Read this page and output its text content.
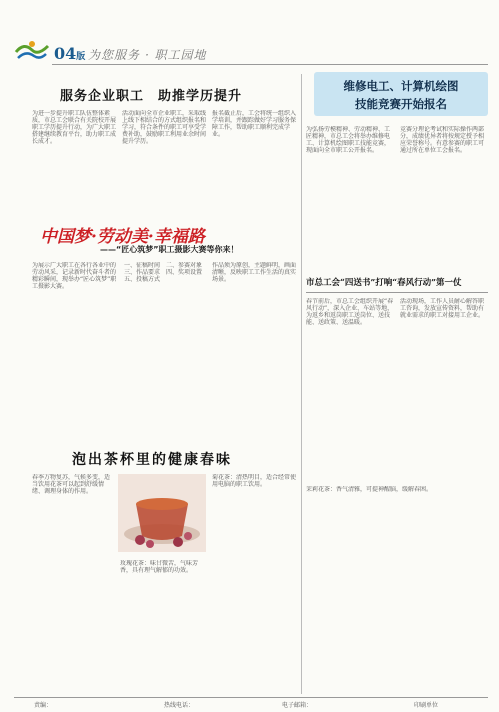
04版 为您服务 · 职工园地
服务企业职工　助推学历提升
为进一步提升职工队伍整体素质，市总工会联合有关院校开展职工学历提升行动，为广大职工搭建继续教育平台，助力职工成长成才。
活动面向全市企业职工，采取线上线下相结合的方式组织报名和学习，符合条件的职工可享受学费补助，鼓励职工利用业余时间提升学历。
报名截止后，工会将统一组织入学培训，并跟踪做好学习服务保障工作，帮助职工顺利完成学业。
维修电工、计算机绘图
技能竞赛开始报名
为弘扬劳模精神、劳动精神、工匠精神，市总工会将举办维修电工、计算机绘图职工技能竞赛，现面向全市职工公开报名。
竞赛分理论考试和实际操作两部分，成绩优异者将按规定授予相应荣誉称号。有意参赛的职工可通过所在单位工会报名。
中国梦·劳动美·幸福路
——“匠心筑梦”职工摄影大赛等你来！
为展示广大职工在各行各业中的劳动风采，记录新时代奋斗者的精彩瞬间，现举办“匠心筑梦”职工摄影大赛。
一、征稿时间　二、参赛对象　三、作品要求　四、奖项设置　五、投稿方式
作品须为原创，主题鲜明，画面清晰，反映职工工作生活的真实场景。	市总工会“四送书”打响“春风行动”第一仗
春节前后，市总工会组织开展“春风行动”，深入企业、车站等地，为返乡和返岗职工送岗位、送技能、送政策、送温暖。
活动现场，工作人员耐心解答职工咨询，发放宣传资料，帮助有就业需求的职工对接用工企业。
泡出茶杯里的健康春味
春季万物复苏，气候多变，适当饮用花茶可以起到舒缓情绪、调理身体的作用。
玫瑰花茶：味甘微苦，气味芳香，具有理气解郁的功效。
菊花茶：清热明目，适合经常使用电脑的职工饮用。
茉莉花茶：香气清雅，可提神醒脑，缓解春困。
责编：	热线电话：	电子邮箱：	印刷单位
